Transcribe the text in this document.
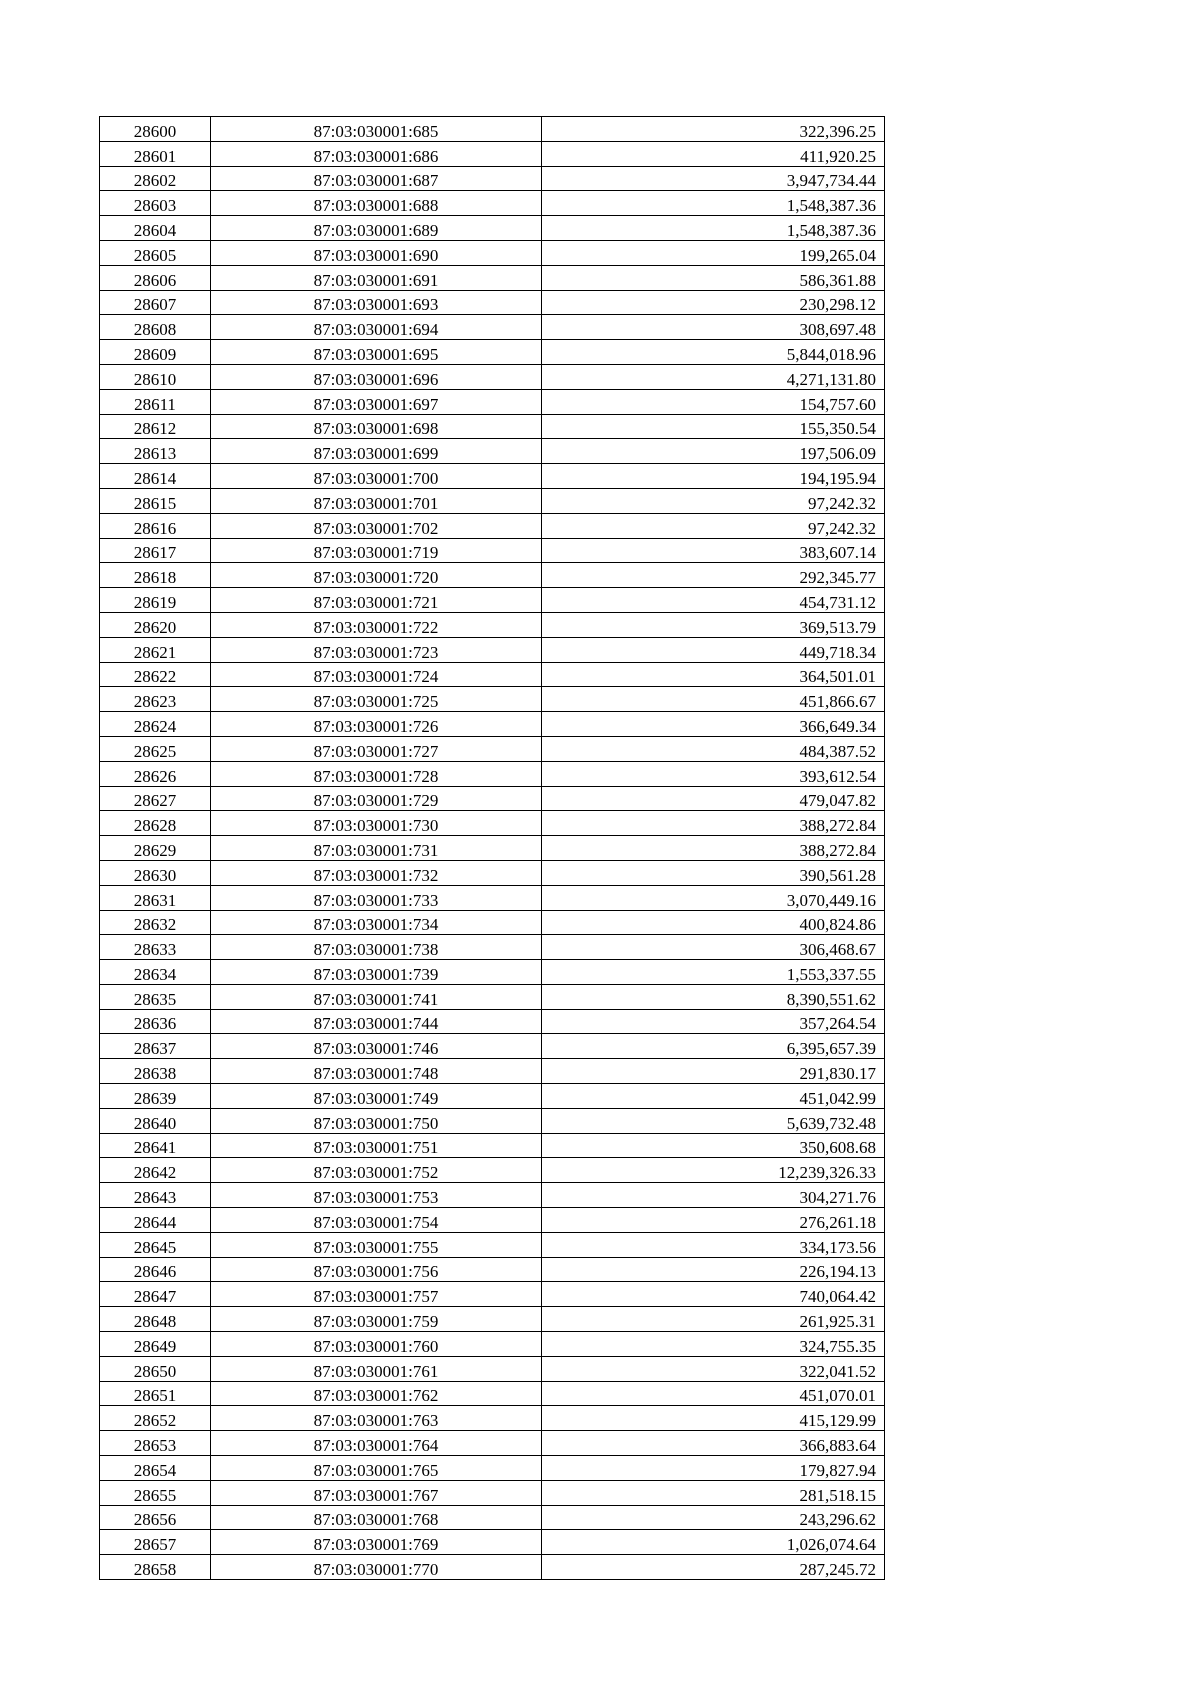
28600	87:03:030001:685	322,396.25
28601	87:03:030001:686	411,920.25
28602	87:03:030001:687	3,947,734.44
28603	87:03:030001:688	1,548,387.36
28604	87:03:030001:689	1,548,387.36
28605	87:03:030001:690	199,265.04
28606	87:03:030001:691	586,361.88
28607	87:03:030001:693	230,298.12
28608	87:03:030001:694	308,697.48
28609	87:03:030001:695	5,844,018.96
28610	87:03:030001:696	4,271,131.80
28611	87:03:030001:697	154,757.60
28612	87:03:030001:698	155,350.54
28613	87:03:030001:699	197,506.09
28614	87:03:030001:700	194,195.94
28615	87:03:030001:701	97,242.32
28616	87:03:030001:702	97,242.32
28617	87:03:030001:719	383,607.14
28618	87:03:030001:720	292,345.77
28619	87:03:030001:721	454,731.12
28620	87:03:030001:722	369,513.79
28621	87:03:030001:723	449,718.34
28622	87:03:030001:724	364,501.01
28623	87:03:030001:725	451,866.67
28624	87:03:030001:726	366,649.34
28625	87:03:030001:727	484,387.52
28626	87:03:030001:728	393,612.54
28627	87:03:030001:729	479,047.82
28628	87:03:030001:730	388,272.84
28629	87:03:030001:731	388,272.84
28630	87:03:030001:732	390,561.28
28631	87:03:030001:733	3,070,449.16
28632	87:03:030001:734	400,824.86
28633	87:03:030001:738	306,468.67
28634	87:03:030001:739	1,553,337.55
28635	87:03:030001:741	8,390,551.62
28636	87:03:030001:744	357,264.54
28637	87:03:030001:746	6,395,657.39
28638	87:03:030001:748	291,830.17
28639	87:03:030001:749	451,042.99
28640	87:03:030001:750	5,639,732.48
28641	87:03:030001:751	350,608.68
28642	87:03:030001:752	12,239,326.33
28643	87:03:030001:753	304,271.76
28644	87:03:030001:754	276,261.18
28645	87:03:030001:755	334,173.56
28646	87:03:030001:756	226,194.13
28647	87:03:030001:757	740,064.42
28648	87:03:030001:759	261,925.31
28649	87:03:030001:760	324,755.35
28650	87:03:030001:761	322,041.52
28651	87:03:030001:762	451,070.01
28652	87:03:030001:763	415,129.99
28653	87:03:030001:764	366,883.64
28654	87:03:030001:765	179,827.94
28655	87:03:030001:767	281,518.15
28656	87:03:030001:768	243,296.62
28657	87:03:030001:769	1,026,074.64
28658	87:03:030001:770	287,245.72
